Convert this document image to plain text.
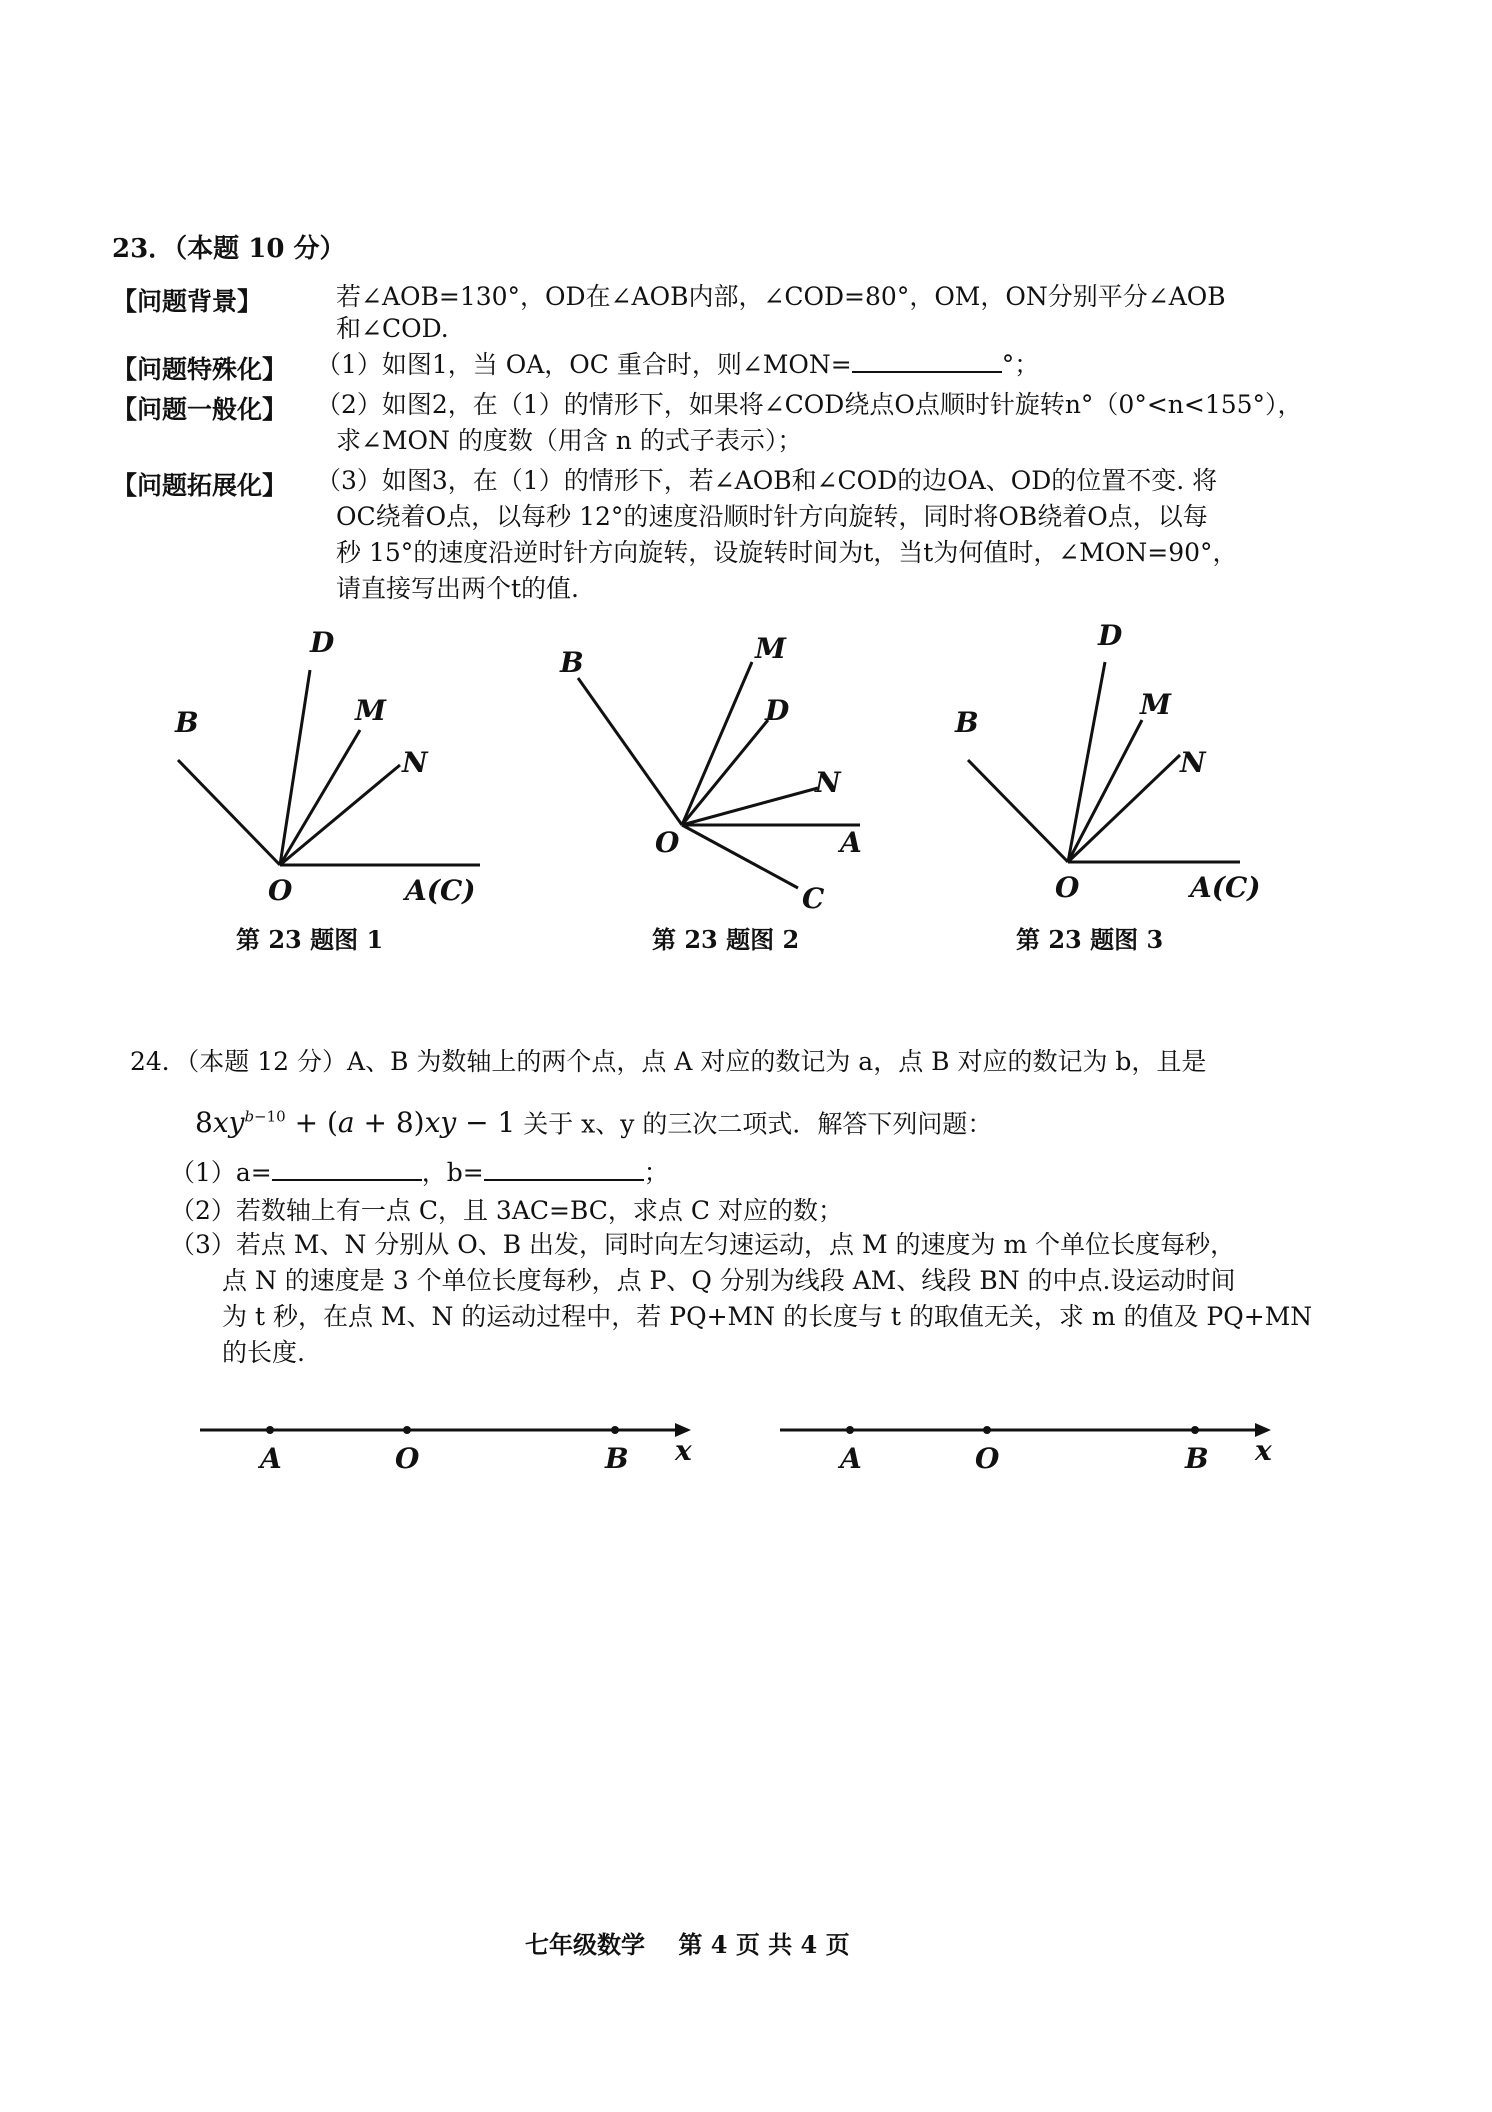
23．（本题 10 分）
【问题背景】	若∠AOB=130°，OD在∠AOB内部，∠COD=80°，OM，ON分别平分∠AOB
和∠COD.
【问题特殊化】 （1）如图1，当 OA，OC 重合时，则∠MON=	°；
【问题一般化】 （2）如图2，在（1）的情形下，如果将∠COD绕点O点顺时针旋转n°（0°<n<155°），
求∠MON 的度数（用含 n 的式子表示）；
【问题拓展化】 （3）如图3，在（1）的情形下，若∠AOB和∠COD的边OA、OD的位置不变. 将
OC绕着O点，以每秒 12°的速度沿顺时针方向旋转，同时将OB绕着O点，以每
秒 15°的速度沿逆时针方向旋转，设旋转时间为t，当t为何值时，∠MON=90°，
请直接写出两个t的值.
D
B	M
N
O	A(C)
第 23 题图 1
B	M
D
N
O	A
C
第 23 题图 2
D
B
M
N
O	A(C)
第 23 题图 3
24．（本题 12 分）A、B 为数轴上的两个点，点 A 对应的数记为 a，点 B 对应的数记为 b，且是
$8xy^{b-10} + (a + 8)xy - 1$ 关于 x、y 的三次二项式．解答下列问题：
（1）a=	，b=	；
（2）若数轴上有一点 C，且 3AC=BC，求点 C 对应的数；
（3）若点 M、N 分别从 O、B 出发，同时向左匀速运动，点 M 的速度为 m 个单位长度每秒，
点 N 的速度是 3 个单位长度每秒，点 P、Q 分别为线段 AM、线段 BN 的中点.设运动时间
为 t 秒，在点 M、N 的运动过程中，若 PQ+MN 的长度与 t 的取值无关，求 m 的值及 PQ+MN
的长度.
A	O	B x	A	O	B x
七年级数学    第 4 页 共 4 页
